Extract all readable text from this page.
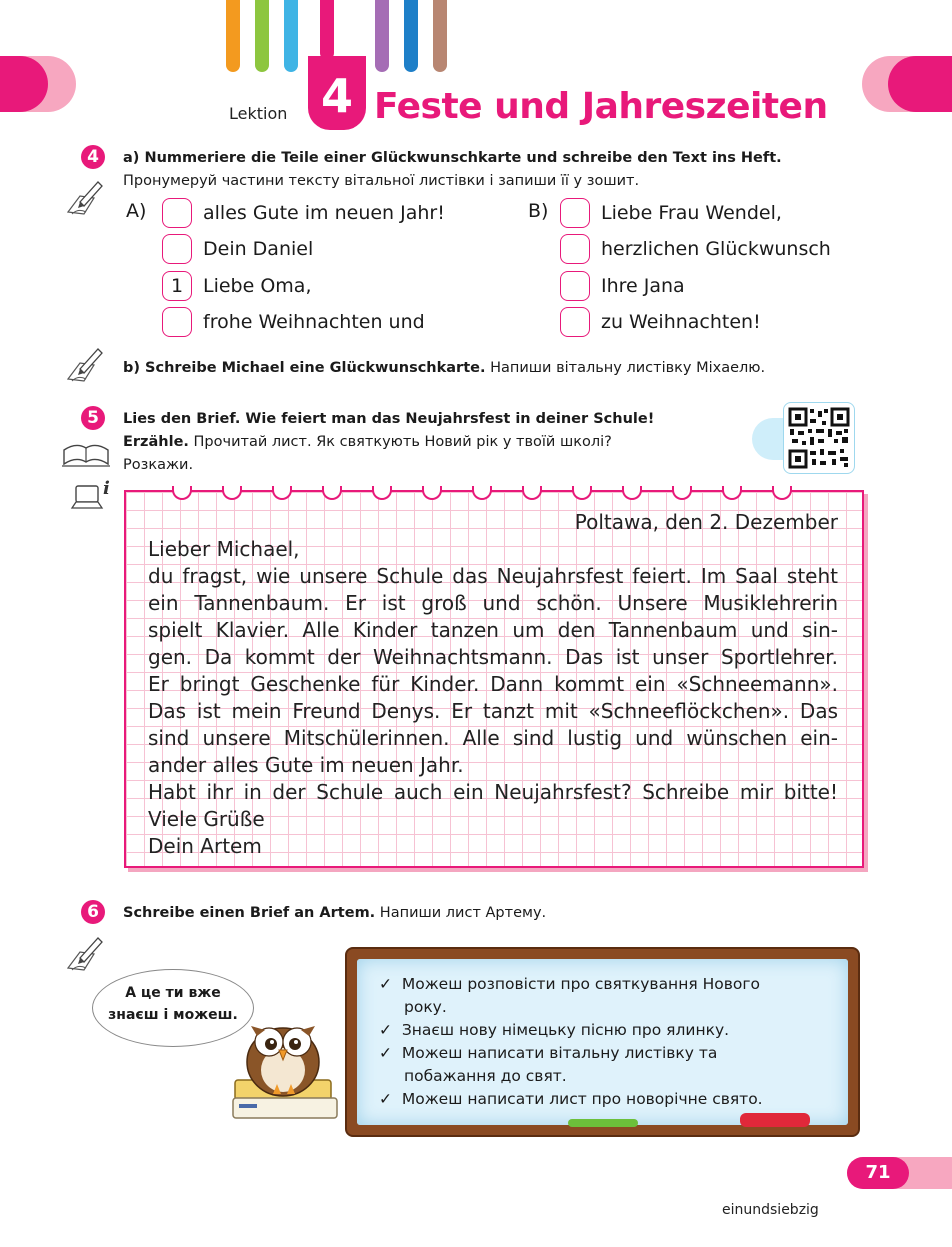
Lektion 4 Feste und Jahreszeiten
4	a) Nummeriere die Teile einer Glückwunschkarte und schreibe den Text ins Heft.
Пронумеруй частини тексту вітальної листівки і запиши її у зошит.
A)	alles Gute im neuen Jahr!
Dein Daniel
1	Liebe Oma,
frohe Weihnachten und
B)	Liebe Frau Wendel,
herzlichen Glückwunsch
Ihre Jana
zu Weihnachten!
b) Schreibe Michael eine Glückwunschkarte. Напиши вітальну листівку Міхаелю.
5	Lies den Brief. Wie feiert man das Neujahrsfest in deiner Schule!
Erzähle. Прочитай лист. Як святкують Новий рік у твоїй школі?
Розкажи.
i
Poltawa, den 2. Dezember
Lieber Michael,
du fragst, wie unsere Schule das Neujahrsfest feiert. Im Saal steht
ein Tannenbaum. Er ist groß und schön. Unsere Musiklehrerin
spielt Klavier. Alle Kinder tanzen um den Tannenbaum und sin-
gen. Da kommt der Weihnachtsmann. Das ist unser Sportlehrer.
Er bringt Geschenke für Kinder. Dann kommt ein «Schneemann».
Das ist mein Freund Denys. Er tanzt mit «Schneeflöckchen». Das
sind unsere Mitschülerinnen. Alle sind lustig und wünschen ein-
ander alles Gute im neuen Jahr.
Habt ihr in der Schule auch ein Neujahrsfest? Schreibe mir bitte!
Viele Grüße
Dein Artem
6	Schreibe einen Brief an Artem. Напиши лист Артему.
А це ти вже
знаєш і можеш.
✓ Можеш розповісти про святкування Нового
року.
✓ Знаєш нову німецьку пісню про ялинку.
✓ Можеш написати вітальну листівку та
побажання до свят.
✓ Можеш написати лист про новорічне свято.
einundsiebzig
71
